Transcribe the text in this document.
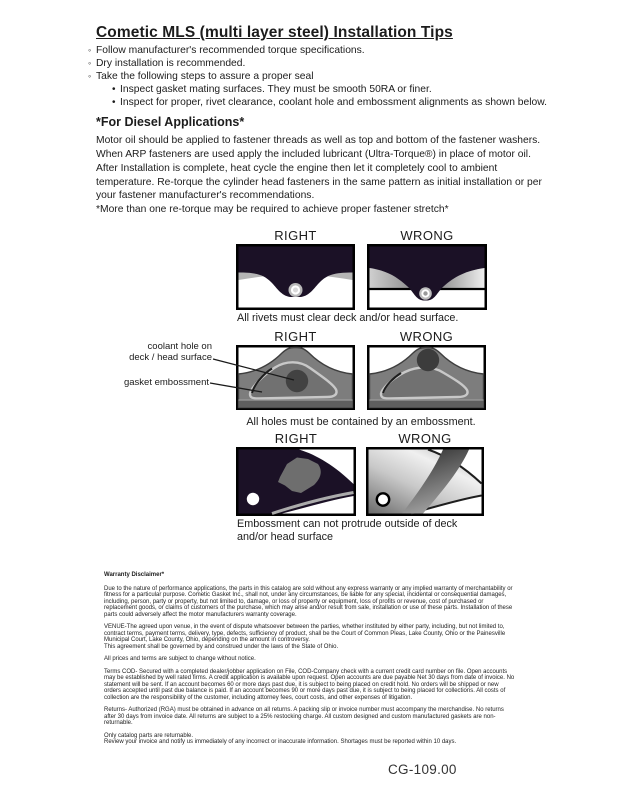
Cometic MLS (multi layer steel) Installation Tips
◦ Follow manufacturer's recommended torque specifications.
◦ Dry installation is recommended.
◦ Take the following steps to assure a proper seal
• Inspect gasket mating surfaces. They must be smooth 50RA or finer.
• Inspect for proper, rivet clearance, coolant hole and embossment alignments as shown below.
*For Diesel Applications*
Motor oil should be applied to fastener threads as well as top and bottom of the fastener washers. When ARP fasteners are used apply the included lubricant (Ultra-Torque®) in place of motor oil.
After Installation is complete, heat cycle the engine then let it completely cool to ambient temperature. Re-torque the cylinder head fasteners in the same pattern as initial installation or per your fastener manufacturer's recommendations.
*More than one re-torque may be required to achieve proper fastener stretch*
RIGHT	WRONG
All rivets must clear deck and/or head surface.
RIGHT	WRONG
coolant hole on
deck / head surface
gasket embossment
All holes must be contained by an embossment.
RIGHT	WRONG
Embossment can not protrude outside of deck
and/or head surface

Warranty Disclaimer*

Due to the nature of performance applications, the parts in this catalog are sold without any express warranty or any implied warranty of merchantability or fitness for a particular purpose. Cometic Gasket Inc., shall not, under any circumstances, be liable for any special, incidental or consequential damages, including, person, party or property, but not limited to, damage, or loss of property or equipment, loss of profits or revenue, cost of purchased or replacement goods, or claims of customers of the purchase, which may arise and/or result from sale, installation or use of these parts. Installation of these parts could adversely affect the motor manufacturers warranty coverage.

VENUE-The agreed upon venue, in the event of dispute whatsoever between the parties, whether instituted by either party, including, but not limited to, contract terms, payment terms, delivery, type, defects, sufficiency of product, shall be the Court of Common Pleas, Lake County, Ohio or the Painesville Municipal Court, Lake County, Ohio, depending on the amount in controversy.

This agreement shall be governed by and construed under the laws of the State of Ohio.

All prices and terms are subject to change without notice.

Terms COD- Secured with a completed dealer/jobber application on File, COD-Company check with a current credit card number on file. Open accounts may be established by well rated firms. A credit application is available upon request. Open accounts are due payable Net 30 days from date of invoice. No statement will be sent. If an account becomes 60 or more days past due, it is subject to being placed on credit hold. No orders will be shipped or new orders accepted until past due balance is paid. If an account becomes 90 or more days past due, it is subject to being placed for collections. All costs of collection are the responsibility of the customer, including attorney fees, court costs, and other expenses of litigation.

Returns- Authorized (RGA) must be obtained in advance on all returns. A packing slip or invoice number must accompany the merchandise. No returns after 30 days from invoice date. All returns are subject to a 25% restocking charge. All custom designed and custom manufactured gaskets are non-returnable.

Only catalog parts are returnable.

Review your invoice and notify us immediately of any incorrect or inaccurate information. Shortages must be reported within 10 days.

CG-109.00
